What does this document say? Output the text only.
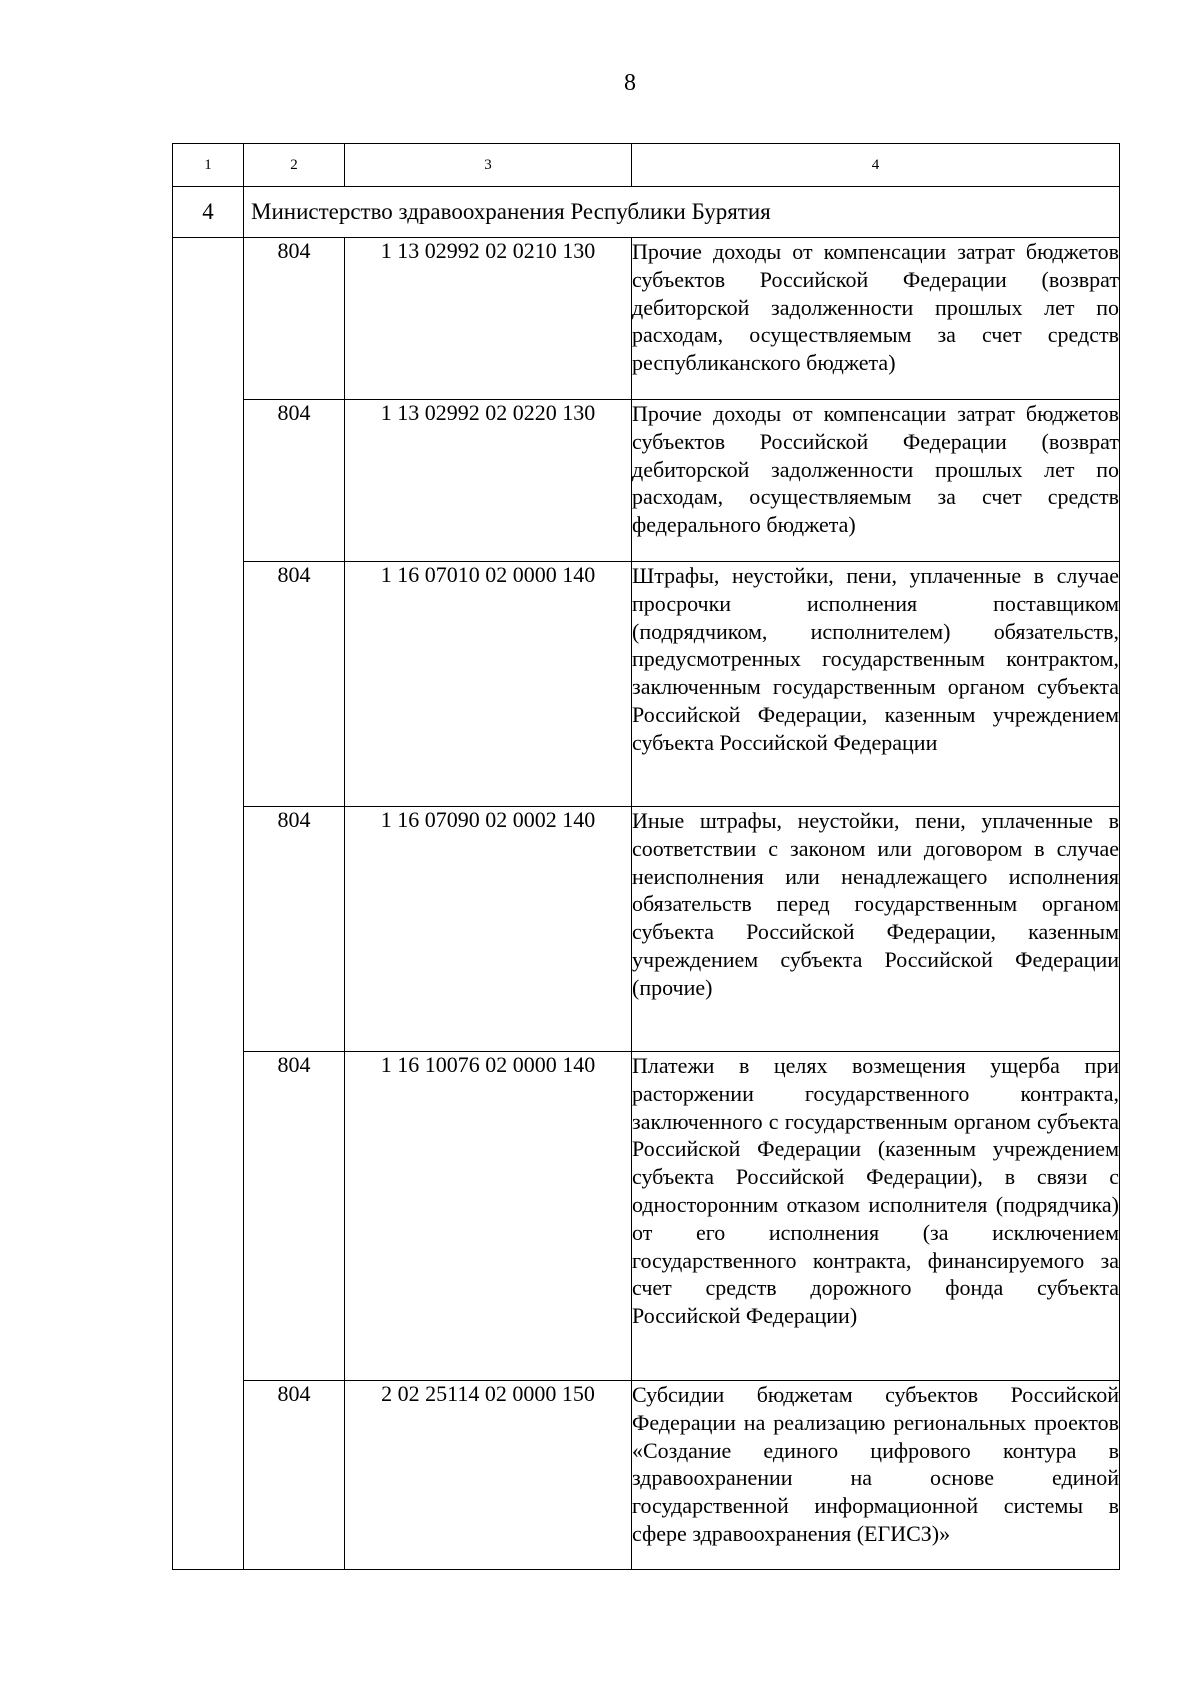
8
1	2	3	4
4	Министерство здравоохранения Республики Бурятия		
	804	1 13 02992 02 0210 130	Прочие доходы от компенсации затрат бюджетов субъектов Российской Федерации (возврат дебиторской задолженности прошлых лет по расходам, осуществляемым за счет средств республиканского бюджета)
	804	1 13 02992 02 0220 130	Прочие доходы от компенсации затрат бюджетов субъектов Российской Федерации (возврат дебиторской задолженности прошлых лет по расходам, осуществляемым за счет средств федерального бюджета)
	804	1 16 07010 02 0000 140	Штрафы, неустойки, пени, уплаченные в случае просрочки исполнения поставщиком (подрядчиком, исполнителем) обязательств, предусмотренных государственным контрактом, заключенным государственным органом субъекта Российской Федерации, казенным учреждением субъекта Российской Федерации
	804	1 16 07090 02 0002 140	Иные штрафы, неустойки, пени, уплаченные в соответствии с законом или договором в случае неисполнения или ненадлежащего исполнения обязательств перед государственным органом субъекта Российской Федерации, казенным учреждением субъекта Российской Федерации (прочие)
	804	1 16 10076 02 0000 140	Платежи в целях возмещения ущерба при расторжении государственного контракта, заключенного с государственным органом субъекта Российской Федерации (казенным учреждением субъекта Российской Федерации), в связи с односторонним отказом исполнителя (подрядчика) от его исполнения (за исключением государственного контракта, финансируемого за счет средств дорожного фонда субъекта Российской Федерации)
	804	2 02 25114 02 0000 150	Субсидии бюджетам субъектов Российской Федерации на реализацию региональных проектов «Создание единого цифрового контура в здравоохранении на основе единой государственной информационной системы в сфере здравоохранения (ЕГИСЗ)»
